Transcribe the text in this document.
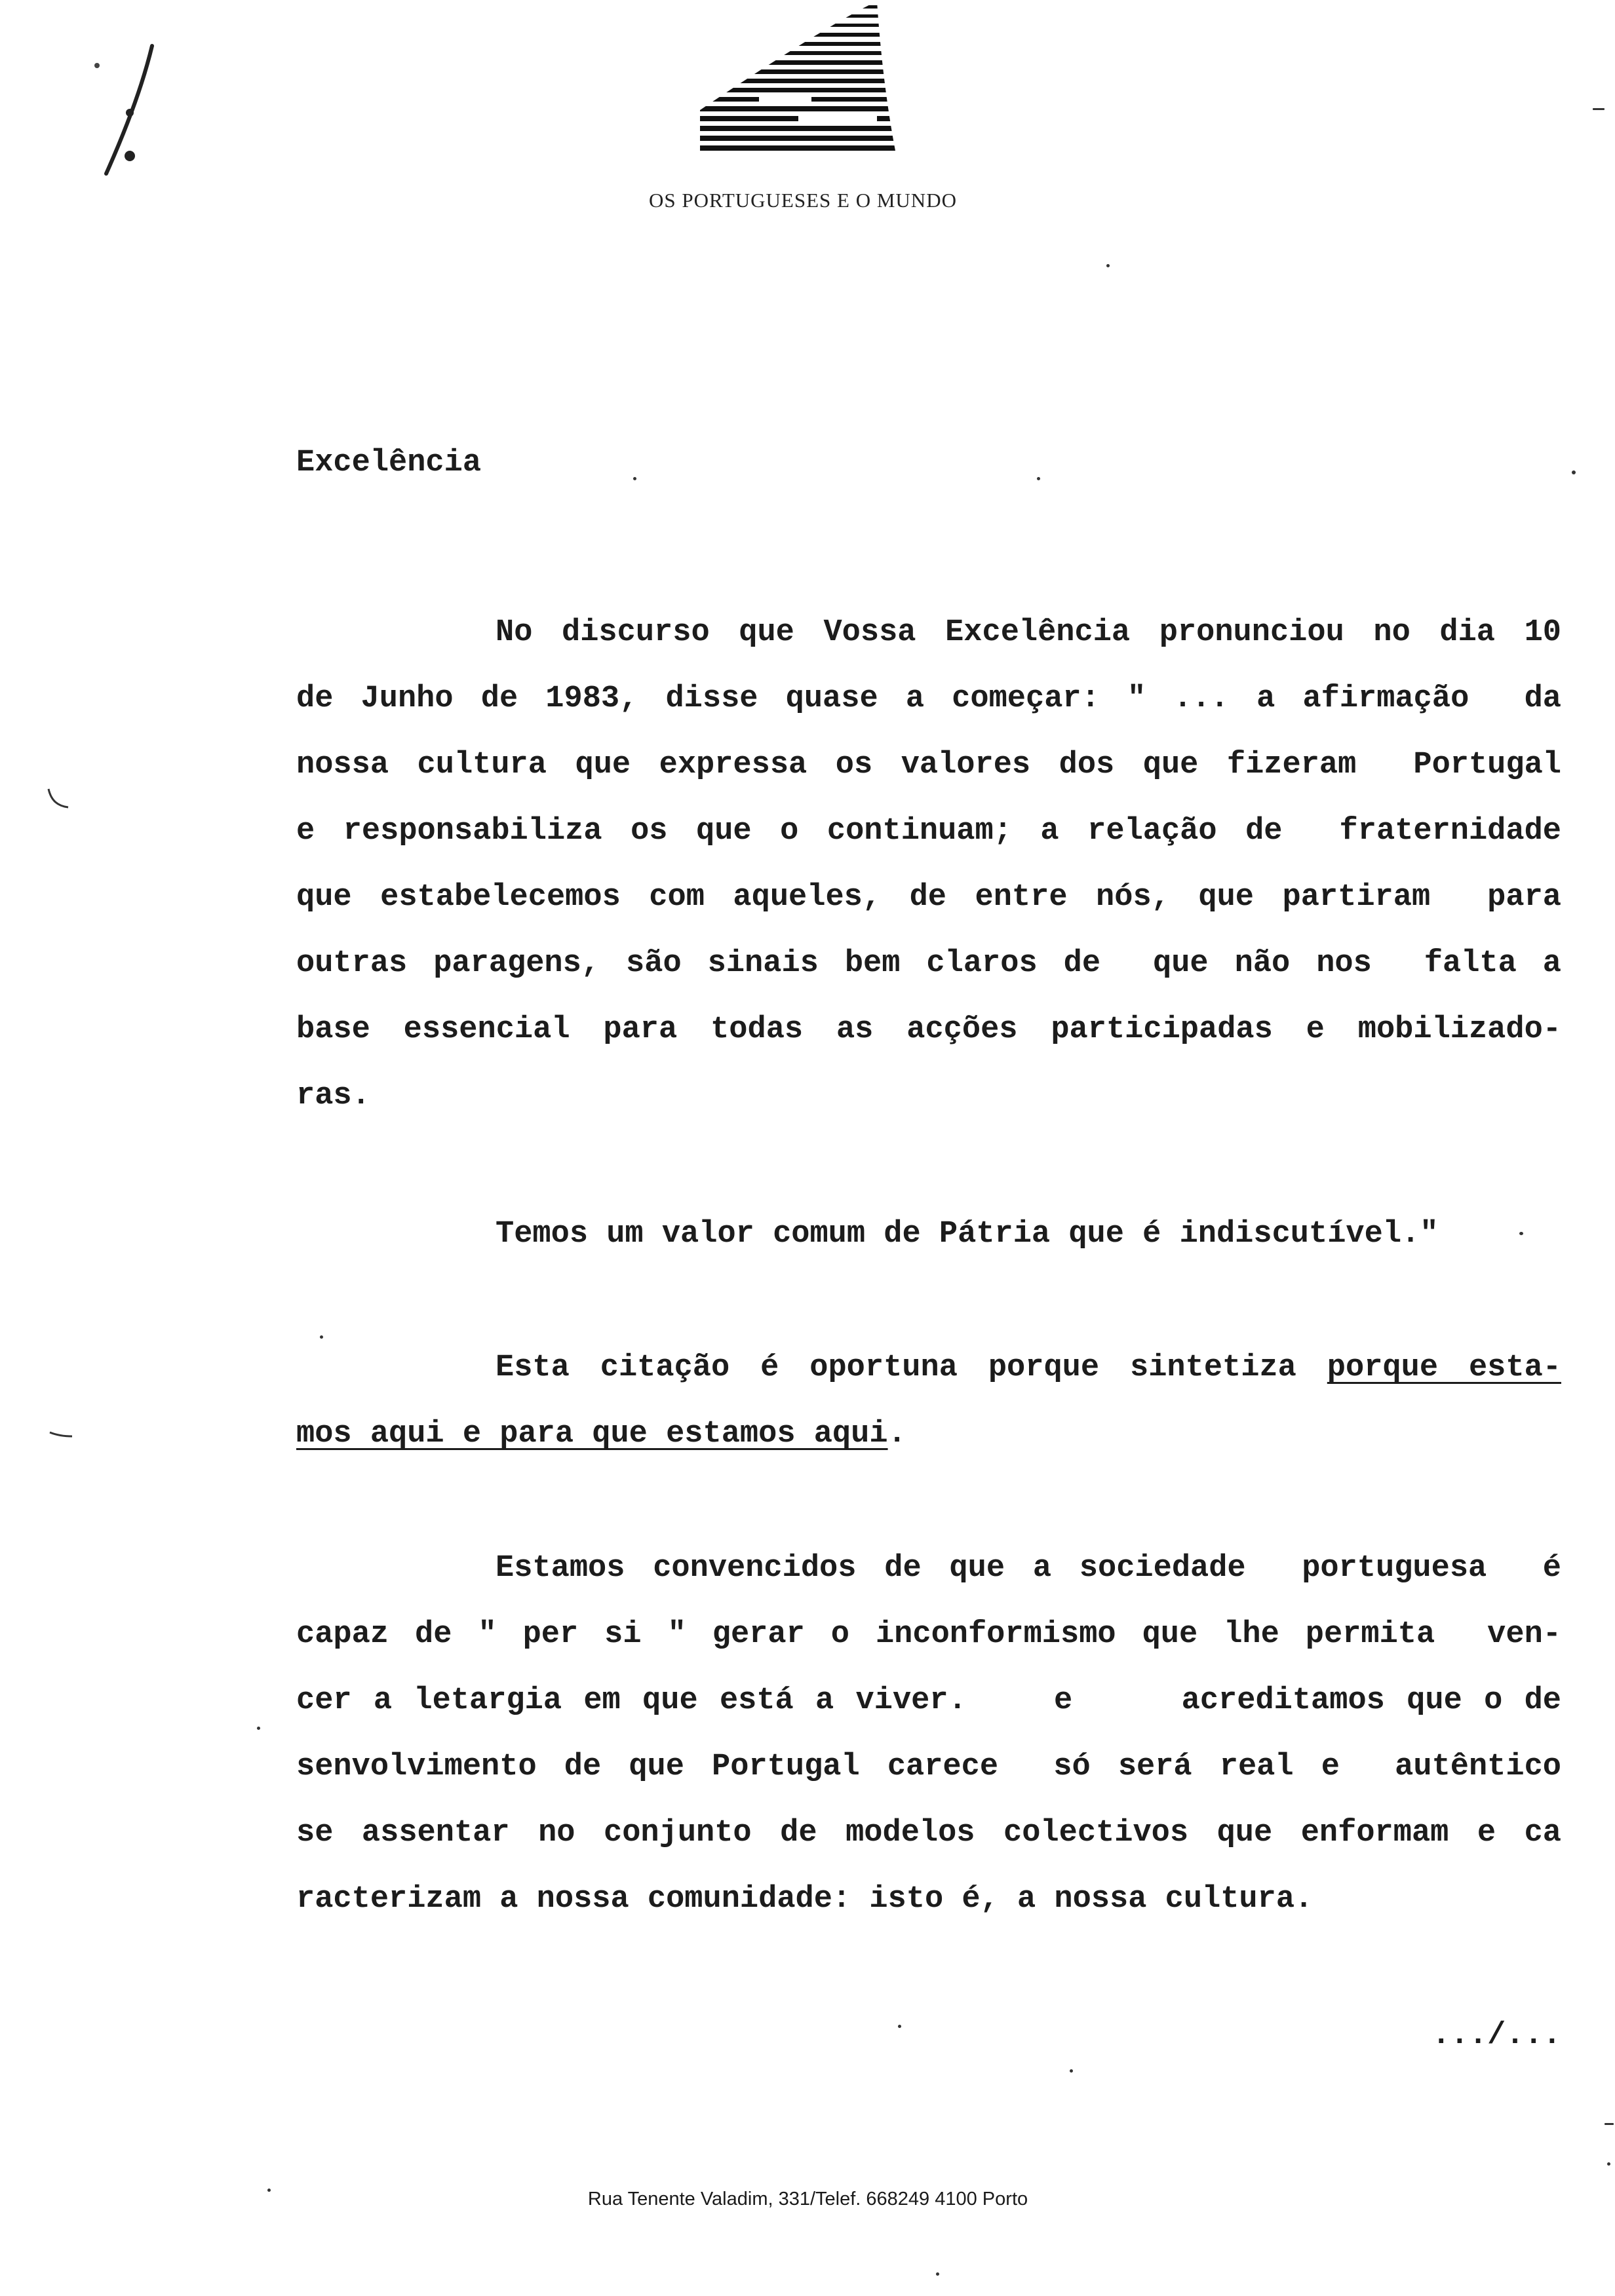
OS PORTUGUESES E O MUNDO
Excelência
No discurso que Vossa Excelência pronunciou no dia 10
de Junho de 1983, disse quase a começar: " ... a afirmação  da
nossa cultura que expressa os valores dos que fizeram  Portugal
e responsabiliza os que o continuam; a relação de  fraternidade
que estabelecemos com aqueles, de entre nós, que partiram  para
outras paragens, são sinais bem claros de  que não nos  falta a
base essencial para todas as acções participadas e mobilizado-
ras.
Temos um valor comum de Pátria que é indiscutível."
Esta citação é oportuna porque sintetiza porque esta-
mos aqui e para que estamos aqui.
Estamos convencidos de que a sociedade  portuguesa  é
capaz de " per si " gerar o inconformismo que lhe permita  ven-
cer a letargia em que está a viver.    e     acreditamos que o de
senvolvimento de que Portugal carece  só será real e  autêntico
se assentar no conjunto de modelos colectivos que enformam e ca
racterizam a nossa comunidade: isto é, a nossa cultura.
.../...
Rua Tenente Valadim, 331/Telef. 668249 4100 Porto
